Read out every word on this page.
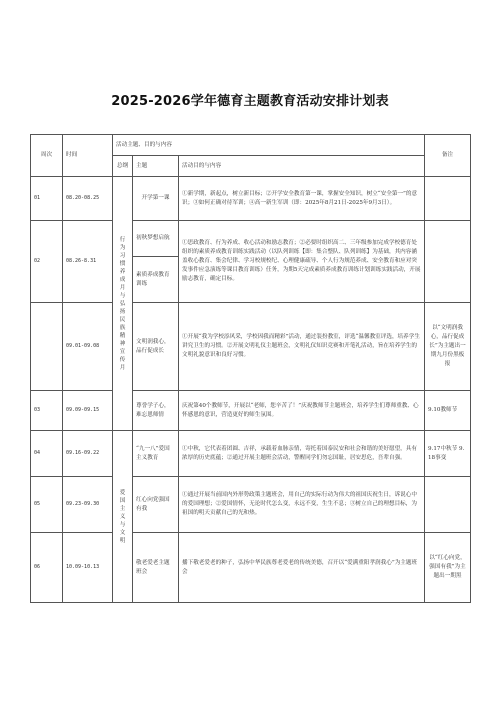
2025-2026学年德育主题教育活动安排计划表
周次	时间	活动主题、目的与内容			备注
		总纲	主题	活动目的与内容	
01	08.20-08.25	行为习惯养成月与弘扬民族精神宣传月	开学第一课	①新学期，新起点，树立新目标；②开学安全教育第一课，掌握安全知识，树立“安全第一”的意识；③如何正确对待军训；④高一新生军训（即：2025年8月21日-2025年9月3日）。	
02	08.26-8.31		初秋梦想启航	①思政教育、行为养成、收心活动和励志教育；②必要时组织高二、三年级参加完成学校德育处组织的素质养成教育训练实践活动（以队列训练【即：集合整队、队列训练】为基础，其内容涵盖收心教育、集会纪律、学习校规校纪、心理健康疏导、个人行为规范养成、安全教育和应对突发事件应急演练等课目教育训练）任务，为期5天完成素质养成教育训练计划训练实践活动，开展励志教育，确定目标。	
			素质养成教育训练		
	09.01-09.08		文明润我心，品行促成长	①开展“我为学校添风采，学校因我而精彩”活动，通过装扮教室，评选“温馨教室评选，培养学生讲究卫生的习惯。②开展文明礼仪主题班会，文明礼仪知识竞赛和开笔礼活动，旨在培养学生的文明礼貌意识和良好习惯。	以“文明润我心，品行促成长”为主题出一期九月份黑板报
03	09.09-09.15		尊誉学子心，难忘恩师情	庆祝第40个教师节，开展以“老师，您辛苦了！”庆祝教师节主题班会，培养学生们尊师重教、心怀感恩的意识，营造更好的师生氛围。	9.10教师节
04	09.16-09.22	爱国主义与文明	“九一八”爱国主义教育	①中秋，它代表着团圆、吉祥，承载着血脉亲情，寄托着国泰民安和社会和谐的美好愿望，具有浓厚的历史底蕴；②通过开展主题班会活动，警醒同学们勿忘国耻，居安思危，吾辈自强。	9.17中秋节 9.18事变
05	09.23-09.30		红心向党强国有我	①通过开展当前国内外形势政策主题班会，用自己的实际行动为伟大的祖国庆祝生日，诉说心中的爱国理想；②爱国情怀，无论时代怎么变，永远不变，生生不息；③树立自己的理想目标，为祖国的明天贡献自己的光和热。	
06	10.09-10.13		敬老爱老主题班会	播下敬老爱老的种子，弘扬中华民族尊老爱老的传统美德，召开以“爱满重阳孝润我心”为主题班会	以“红心向党，强国有我”为主题出一期黑
